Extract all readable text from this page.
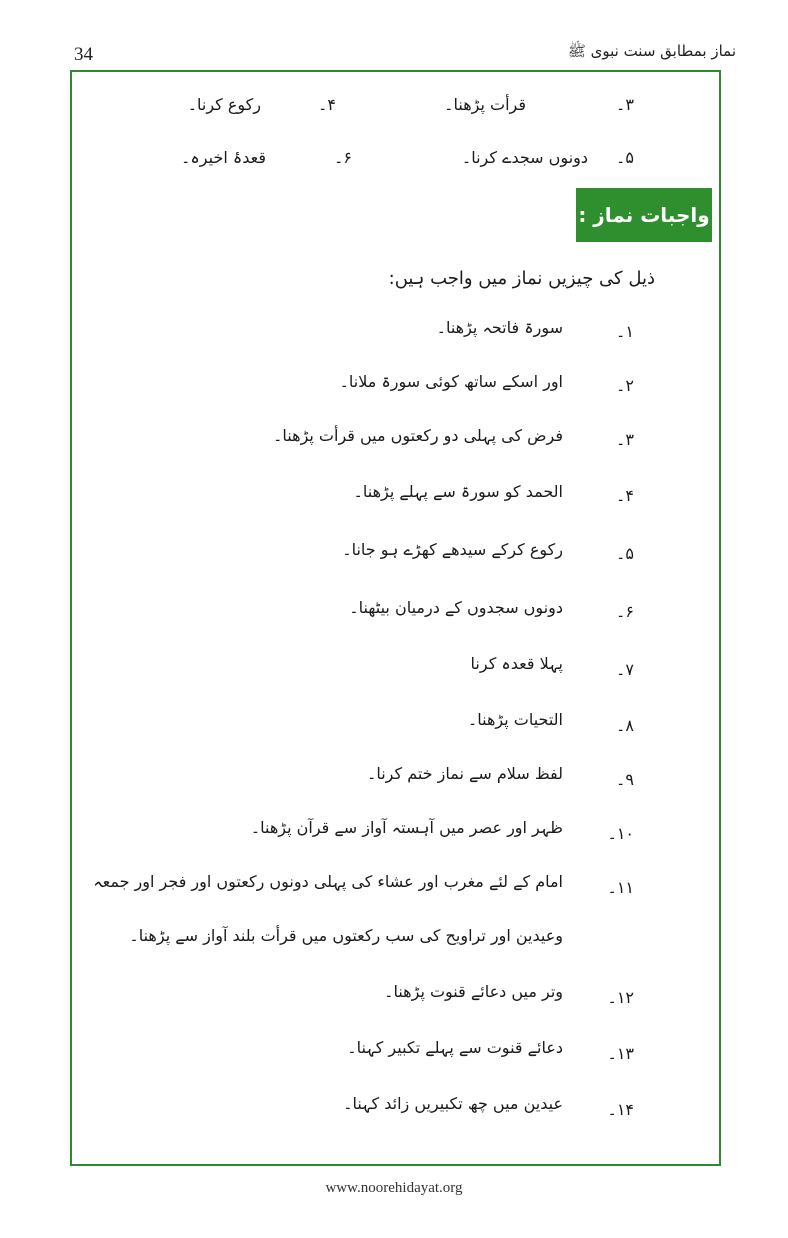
34	نماز بمطابق سنت نبوی ﷺ
۳۔
قرأت پڑھنا۔
۴۔
رکوع کرنا۔
۵۔
دونوں سجدے کرنا۔
۶۔
قعدۂ اخیرہ۔
واجبات نماز :
ذیل کی چیزیں نماز میں واجب ہیں:
۱۔
سورۃ فاتحہ پڑھنا۔
۲۔
اور اسکے ساتھ کوئی سورۃ ملانا۔
۳۔
فرض کی پہلی دو رکعتوں میں قرأت پڑھنا۔
۴۔
الحمد کو سورۃ سے پہلے پڑھنا۔
۵۔
رکوع کرکے سیدھے کھڑے ہو جانا۔
۶۔
دونوں سجدوں کے درمیان بیٹھنا۔
۷۔
پہلا قعدہ کرنا
۸۔
التحیات پڑھنا۔
۹۔
لفظ سلام سے نماز ختم کرنا۔
۱۰۔
ظہر اور عصر میں آہستہ آواز سے قرآن پڑھنا۔
۱۱۔
امام کے لئے مغرب اور عشاء کی پہلی دونوں رکعتوں اور فجر اور جمعہ
وعیدین اور تراویح کی سب رکعتوں میں قرأت بلند آواز سے پڑھنا۔
۱۲۔
وتر میں دعائے قنوت پڑھنا۔
۱۳۔
دعائے قنوت سے پہلے تکبیر کہنا۔
۱۴۔
عیدین میں چھ تکبیریں زائد کہنا۔
www.noorehidayat.org
